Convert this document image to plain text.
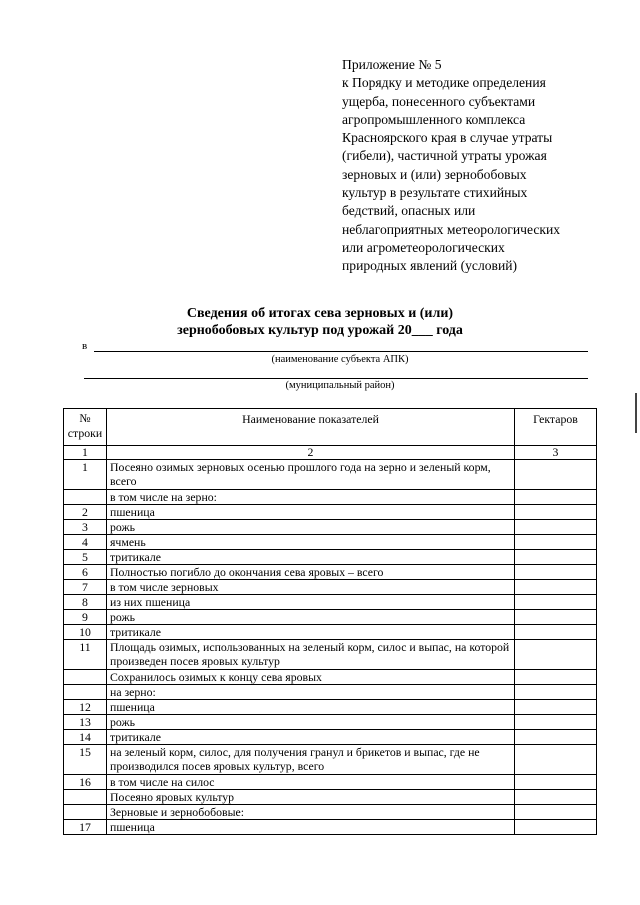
Приложение № 5
к Порядку и методике определения
ущерба, понесенного субъектами
агропромышленного комплекса
Красноярского края в случае утраты
(гибели), частичной утраты урожая
зерновых и (или) зернобобовых
культур в результате стихийных
бедствий, опасных или
неблагоприятных метеорологических
или агрометеорологических
природных явлений (условий)
Сведения об итогах сева зерновых и (или)
зернобобовых культур под урожай 20___ года
в
(наименование субъекта АПК)
(муниципальный район)
№
строки	Наименование показателей	Гектаров
1	2	3
1	Посеяно озимых зерновых осенью прошлого года на зерно и зеленый корм, всего	
	в том числе на зерно:	
2	пшеница	
3	рожь	
4	ячмень	
5	тритикале	
6	Полностью погибло до окончания сева яровых – всего	
7	в том числе зерновых	
8	из них пшеница	
9	рожь	
10	тритикале	
11	Площадь озимых, использованных на зеленый корм, силос и выпас, на которой произведен посев яровых культур	
	Сохранилось озимых к концу сева яровых	
	на зерно:	
12	пшеница	
13	рожь	
14	тритикале	
15	на зеленый корм, силос, для получения гранул и брикетов и выпас, где не производился посев яровых культур, всего	
16	в том числе на силос	
	Посеяно яровых культур	
	Зерновые и зернобобовые:	
17	пшеница	
